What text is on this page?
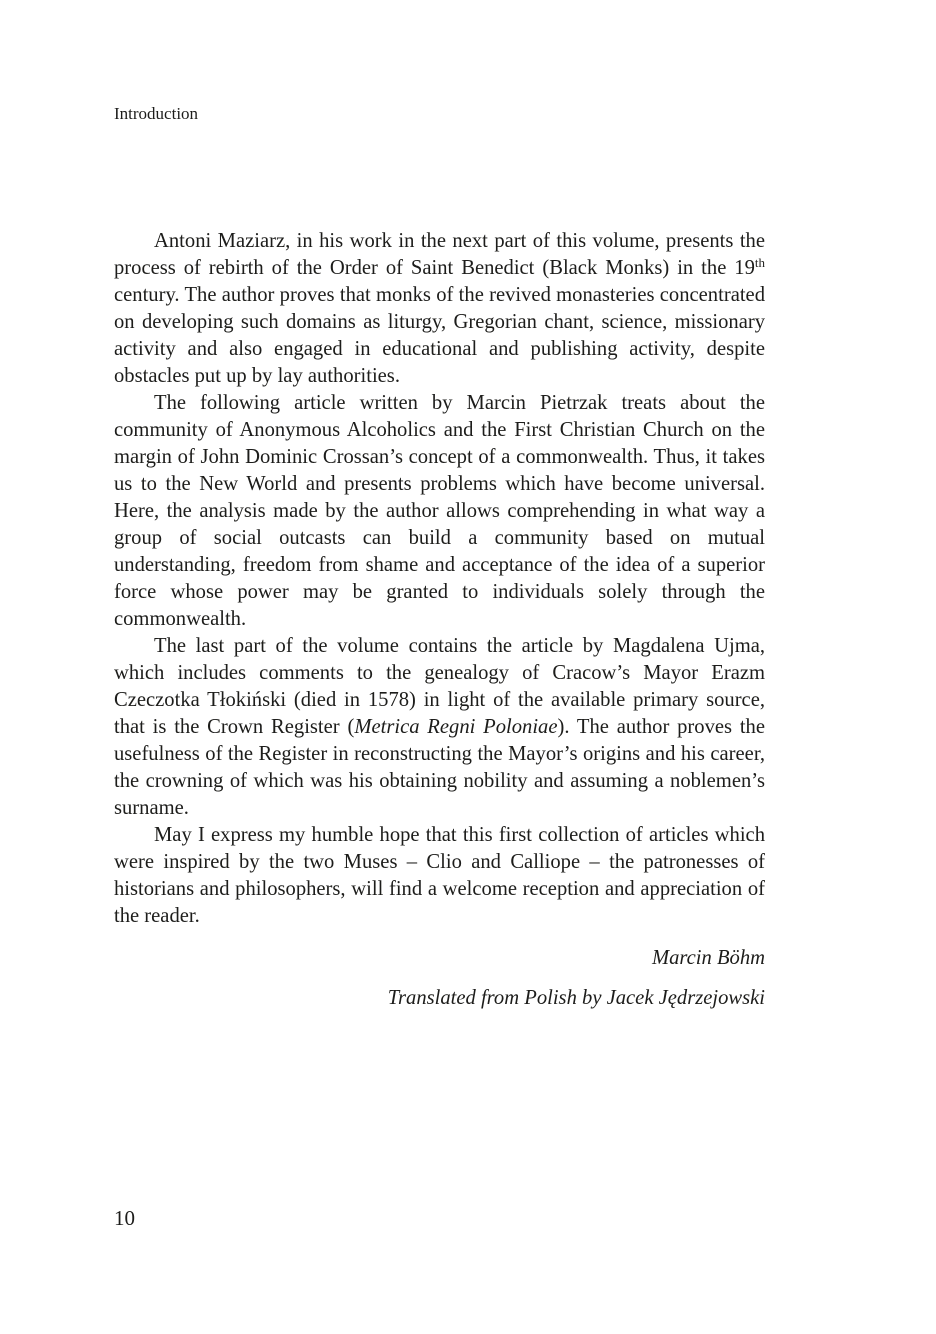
Introduction

Antoni Maziarz, in his work in the next part of this volume, presents the process of rebirth of the Order of Saint Benedict (Black Monks) in the 19th century. The author proves that monks of the revived monasteries concentrated on developing such domains as liturgy, Gregorian chant, science, missionary activity and also engaged in educational and publishing activity, despite obstacles put up by lay authorities.

The following article written by Marcin Pietrzak treats about the community of Anonymous Alcoholics and the First Christian Church on the margin of John Dominic Crossan’s concept of a commonwealth. Thus, it takes us to the New World and presents problems which have become universal. Here, the analysis made by the author allows comprehending in what way a group of social outcasts can build a community based on mutual understanding, freedom from shame and acceptance of the idea of a superior force whose power may be granted to individuals solely through the commonwealth.

The last part of the volume contains the article by Magdalena Ujma, which includes comments to the genealogy of Cracow’s Mayor Erazm Czeczotka Tłokiński (died in 1578) in light of the available primary source, that is the Crown Register (Metrica Regni Poloniae). The author proves the usefulness of the Register in reconstructing the Mayor’s origins and his career, the crowning of which was his obtaining nobility and assuming a noblemen’s surname.

May I express my humble hope that this first collection of articles which were inspired by the two Muses – Clio and Calliope – the patronesses of historians and philosophers, will find a welcome reception and appreciation of the reader.

Marcin Böhm
Translated from Polish by Jacek Jędrzejowski
10
